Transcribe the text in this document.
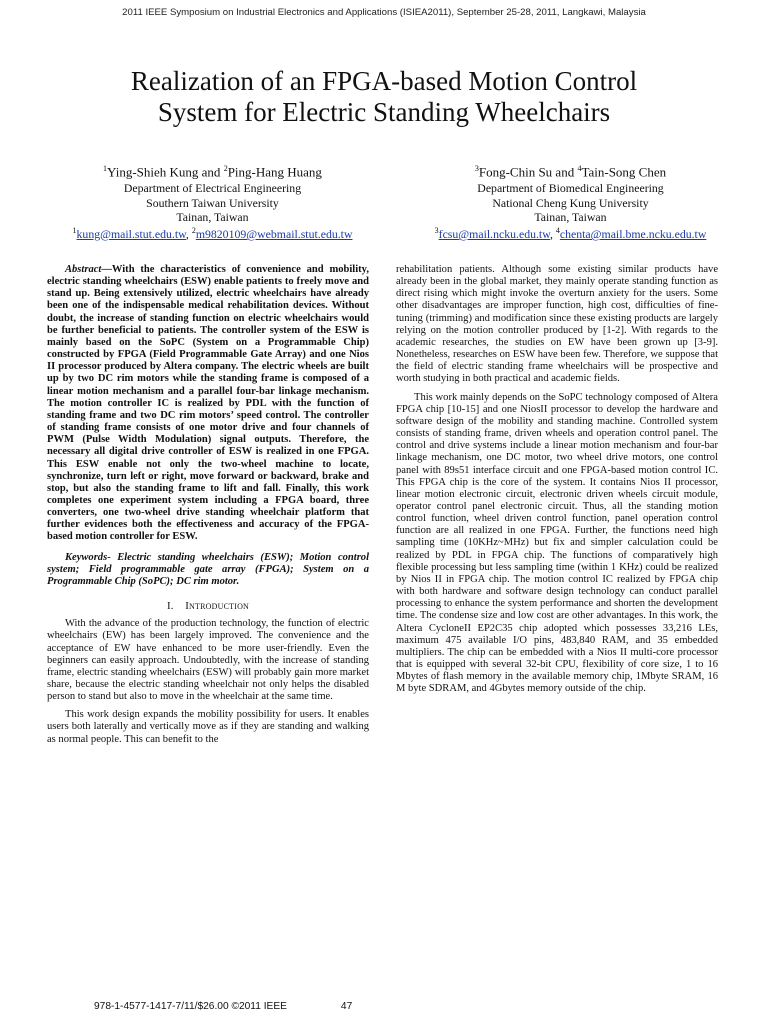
2011 IEEE Symposium on Industrial Electronics and Applications (ISIEA2011), September 25-28, 2011, Langkawi, Malaysia
Realization of an FPGA-based Motion Control
System for Electric Standing Wheelchairs
$^1$Ying-Shieh Kung and $^2$Ping-Hang Huang
Department of Electrical Engineering
Southern Taiwan University
Tainan, Taiwan
$^1$kung@mail.stut.edu.tw, $^2$m9820109@webmail.stut.edu.tw
$^3$Fong-Chin Su and $^4$Tain-Song Chen
Department of Biomedical Engineering
National Cheng Kung University
Tainan, Taiwan
$^3$fcsu@mail.ncku.edu.tw, $^4$chenta@mail.bme.ncku.edu.tw

Abstract—With the characteristics of convenience and mobility, electric standing wheelchairs (ESW) enable patients to freely move and stand up. Being extensively utilized, electric wheelchairs have already been one of the indispensable medical rehabilitation devices. Without doubt, the increase of standing function on electric wheelchairs would be further beneficial to patients. The controller system of the ESW is mainly based on the SoPC (System on a Programmable Chip) constructed by FPGA (Field Programmable Gate Array) and one Nios II processor produced by Altera company. The electric wheels are built up by two DC rim motors while the standing frame is composed of a linear motion mechanism and a parallel four-bar linkage mechanism. The motion controller IC is realized by PDL with the function of standing frame and two DC rim motors’ speed control. The controller of standing frame consists of one motor drive and four channels of PWM (Pulse Width Modulation) signal outputs. Therefore, the necessary all digital drive controller of ESW is realized in one FPGA. This ESW enable not only the two-wheel machine to locate, synchronize, turn left or right, move forward or backward, brake and stop, but also the standing frame to lift and fall. Finally, this work completes one experiment system including a FPGA board, three converters, one two-wheel drive standing wheelchair platform that further evidences both the effectiveness and accuracy of the FPGA-based motion controller for ESW.

Keywords- Electric standing wheelchairs (ESW); Motion control system; Field programmable gate array (FPGA); System on a Programmable Chip (SoPC); DC rim motor.

I. Introduction

With the advance of the production technology, the function of electric wheelchairs (EW) has been largely improved. The convenience and the acceptance of EW have enhanced to be more user-friendly. Even the beginners can easily approach. Undoubtedly, with the increase of standing frame, electric standing wheelchairs (ESW) will probably gain more market share, because the electric standing wheelchair not only helps the disabled person to stand but also to move in the wheelchair at the same time.

This work design expands the mobility possibility for users. It enables users both laterally and vertically move as if they are standing and walking as normal people. This can benefit to the

rehabilitation patients. Although some existing similar products have already been in the global market, they mainly operate standing function as direct rising which might invoke the overturn anxiety for the users. Some other disadvantages are improper function, high cost, difficulties of fine-tuning (trimming) and modification since these existing products are largely relying on the motion controller produced by [1-2]. With regards to the academic researches, the studies on EW have been grown up [3-9]. Nonetheless, researches on ESW have been few. Therefore, we suppose that the field of electric standing frame wheelchairs will be prospective and worth studying in both practical and academic fields.

This work mainly depends on the SoPC technology composed of Altera FPGA chip [10-15] and one NiosII processor to develop the hardware and software design of the mobility and standing machine. Controlled system consists of standing frame, driven wheels and operation control panel. The control and drive systems include a linear motion mechanism and four-bar linkage mechanism, one DC motor, two wheel drive motors, one control panel with 89s51 interface circuit and one FPGA-based motion control IC. This FPGA chip is the core of the system. It contains Nios II processor, linear motion electronic circuit, electronic driven wheels circuit module, operator control panel electronic circuit. Thus, all the standing motion control function, wheel driven control function, panel operation control function are all realized in one FPGA. Further, the functions need high sampling time (10KHz~MHz) but fix and simpler calculation could be realized by PDL in FPGA chip. The functions of comparatively high flexible processing but less sampling time (within 1 KHz) could be realized by Nios II in FPGA chip. The motion control IC realized by FPGA chip with both hardware and software design technology can conduct parallel processing to enhance the system performance and shorten the development time. The condense size and low cost are other advantages. In this work, the Altera CycloneII EP2C35 chip adopted which possesses 33,216 LEs, maximum 475 available I/O pins, 483,840 RAM, and 35 embedded multipliers. The chip can be embedded with a Nios II multi-core processor that is equipped with several 32-bit CPU, flexibility of core size, 1 to 16 Mbytes of flash memory in the available memory chip, 1Mbyte SRAM, 16 M byte SDRAM, and 4Gbytes memory outside of the chip.

978-1-4577-1417-7/11/$26.00 ©2011 IEEE	47
